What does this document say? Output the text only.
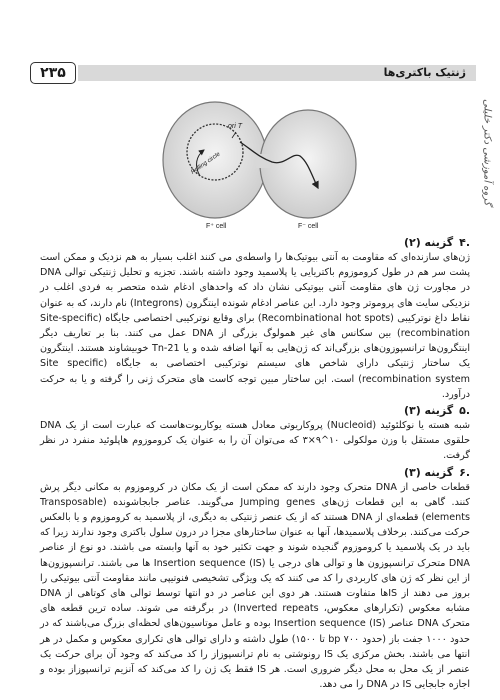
۲۳۵	ژنتیک باکتری‌ها
گروه آموزشی دکتر خلیلی
ori T
Rolling circle
F⁺ cell	F⁻ cell
.۴
گزینه (۲)

ژن‌های سازنده‌ای که مقاومت به آنتی بیوتیک‌ها را واسطه‌ی می کنند اغلب بسیار به هم نزدیک و ممکن است پشت سر هم در طول کروموزوم باکتریایی یا پلاسمید وجود داشته باشند. تجزیه و تحلیل ژنتیکی توالی DNA در مجاورت ژن های مقاومت آنتی بیوتیکی نشان داد که واحدهای ادغام شده متحصر به فردی اغلب در نزدیکی سایت های پروموتر وجود دارد. این عناصر ادغام شونده اینتگرون (Integrons) نام دارند، که به عنوان نقاط داغ نوترکیبی (Recombinational hot spots) برای وقایع نوترکیبی اختصاصی جایگاه (Site-specific recombination) بین سکانس های غیر همولوگ بزرگی از DNA عمل می کنند. بنا بر تعاریف دیگر اینتگرون‌ها ترانسپوزون‌های بزرگی‌اند که ژن‌هایی به آنها اضافه شده و یا Tn-21 خوبیشاوند هستند. اینتگرون یک ساختار ژنتیکی دارای شاخص های سیستم نوترکیبی اختصاصی به جایگاه (Site specific recombination system) است. این ساختار مبین توجه کاست های متحرک ژنی را گرفته و یا به حرکت درآورد.

.۵
گزینه (۳)

شبه هسته یا نوکلئوئید (Nucleoid) پروکاریوتی معادل هسته یوکاریوت‌هاست که عبارت است از یک DNA حلقوی مستقل با وزن مولکولی ۱۰^۹×۳ که می‌توان آن را به عنوان یک کروموزوم هاپلوئید منفرد در نظر گرفت.

.۶
گزینه (۳)

قطعات خاصی از DNA متحرک وجود دارند که ممکن است از یک مکان در کروموزوم به مکانی دیگر پرش کنند. گاهی به این قطعات ژن‌های Jumping genes می‌گویند. عناصر جابجاشونده (Transposable elements) قطعه‌ای از DNA هستند که از یک عنصر ژنتیکی به دیگری، از پلاسمید به کروموزوم و یا بالعکس حرکت می‌کنند. برخلاف پلاسمیدها، آنها به عنوان ساختارهای مجزا در درون سلول باکتری وجود ندارند زیرا که باید در یک پلاسمید یا کروموزوم گنجیده شوند و جهت تکثیر خود به آنها وابسته می باشند. دو نوع از عناصر DNA متحرک ترانسپوزون ها و توالی های درجی یا Insertion sequence (IS) ها می باشند. ترانسپوزون‌ها از این نظر که ژن های کاربردی را کد می کنند که یک ویژگی تشخیصی فنوتیپی مانند مقاومت آنتی بیوتیکی را بروز می دهند از IS‌ها متفاوت هستند. هر دوی این عناصر در دو انتها توسط توالی های کوتاهی از DNA مشابه معکوس (تکرارهای معکوس، Inverted repeats) در برگرفته می شوند. ساده ترین قطعه های متحرک DNA عناصر Insertion sequence (IS) بوده و عامل موتاسیون‌های لحظه‌ای بزرگ می‌باشند که در حدود ۱۰۰۰ جفت باز (حدود ۷۰۰ bp تا ۱۵۰۰) طول داشته و دارای توالی های تکراری معکوس و مکمل در هر انتها می باشند. بخش مرکزی یک IS رونوشتی به نام ترانسپوزاز را کد می‌کند که وجود آن برای حرکت یک عنصر از یک محل به محل دیگر ضروری است. هر IS فقط یک ژن را کد می‌کند که آنزیم ترانسپوزاز بوده و اجازه جابجایی IS در DNA را می دهد.
